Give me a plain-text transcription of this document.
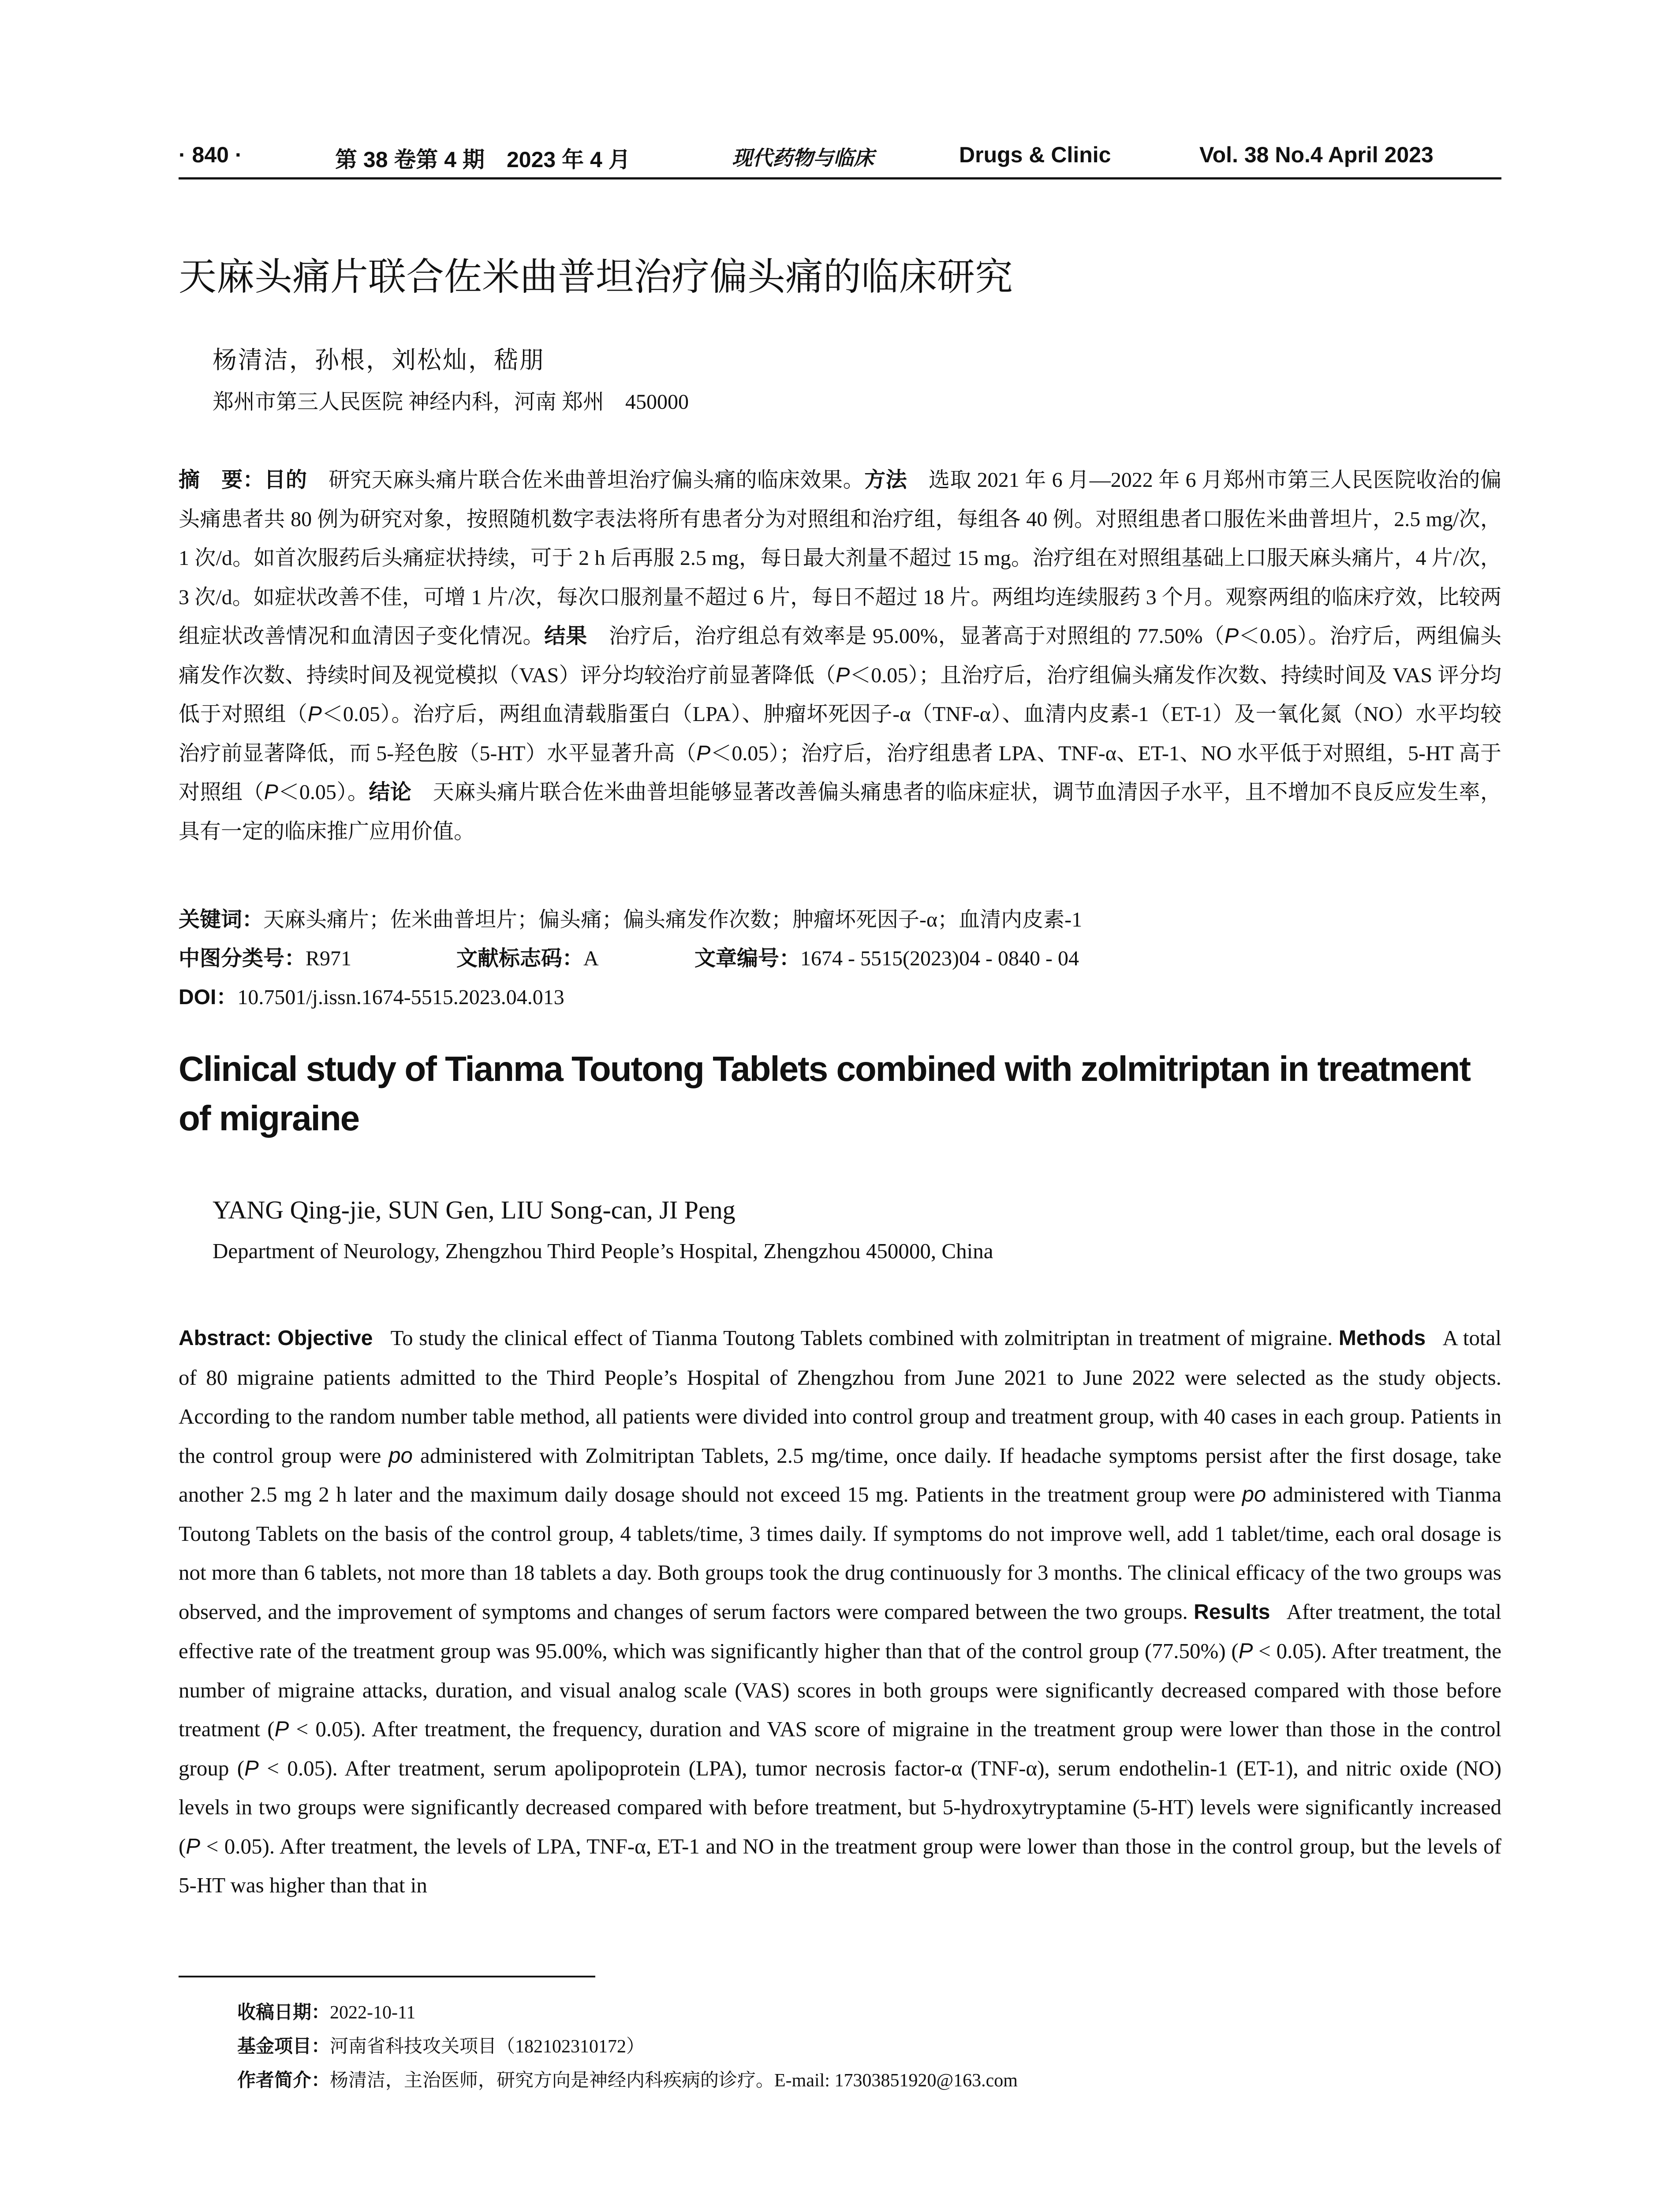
· 840 ·	第 38 卷第 4 期　2023 年 4 月	现代药物与临床	Drugs & Clinic	Vol. 38 No.4 April 2023
天麻头痛片联合佐米曲普坦治疗偏头痛的临床研究
杨清洁，孙根，刘松灿，嵇朋
郑州市第三人民医院 神经内科，河南 郑州　450000
摘　要：目的 研究天麻头痛片联合佐米曲普坦治疗偏头痛的临床效果。方法 选取 2021 年 6 月—2022 年 6 月郑州市第三人民医院收治的偏头痛患者共 80 例为研究对象，按照随机数字表法将所有患者分为对照组和治疗组，每组各 40 例。对照组患者口服佐米曲普坦片，2.5 mg/次，1 次/d。如首次服药后头痛症状持续，可于 2 h 后再服 2.5 mg，每日最大剂量不超过 15 mg。治疗组在对照组基础上口服天麻头痛片，4 片/次，3 次/d。如症状改善不佳，可增 1 片/次，每次口服剂量不超过 6 片，每日不超过 18 片。两组均连续服药 3 个月。观察两组的临床疗效，比较两组症状改善情况和血清因子变化情况。结果 治疗后，治疗组总有效率是 95.00%，显著高于对照组的 77.50%（P＜0.05）。治疗后，两组偏头痛发作次数、持续时间及视觉模拟（VAS）评分均较治疗前显著降低（P＜0.05）；且治疗后，治疗组偏头痛发作次数、持续时间及 VAS 评分均低于对照组（P＜0.05）。治疗后，两组血清载脂蛋白（LPA）、肿瘤坏死因子-α（TNF-α）、血清内皮素-1（ET-1）及一氧化氮（NO）水平均较治疗前显著降低，而 5-羟色胺（5-HT）水平显著升高（P＜0.05）；治疗后，治疗组患者 LPA、TNF-α、ET-1、NO 水平低于对照组，5-HT 高于对照组（P＜0.05）。结论 天麻头痛片联合佐米曲普坦能够显著改善偏头痛患者的临床症状，调节血清因子水平，且不增加不良反应发生率，具有一定的临床推广应用价值。
关键词：天麻头痛片；佐米曲普坦片；偏头痛；偏头痛发作次数；肿瘤坏死因子-α；血清内皮素-1
中图分类号：R971	文献标志码：A	文章编号：1674 - 5515(2023)04 - 0840 - 04
DOI：10.7501/j.issn.1674-5515.2023.04.013
Clinical study of Tianma Toutong Tablets combined with zolmitriptan in treatment of migraine
YANG Qing-jie, SUN Gen, LIU Song-can, JI Peng
Department of Neurology, Zhengzhou Third People’s Hospital, Zhengzhou 450000, China
Abstract: Objective To study the clinical effect of Tianma Toutong Tablets combined with zolmitriptan in treatment of migraine. Methods A total of 80 migraine patients admitted to the Third People’s Hospital of Zhengzhou from June 2021 to June 2022 were selected as the study objects. According to the random number table method, all patients were divided into control group and treatment group, with 40 cases in each group. Patients in the control group were po administered with Zolmitriptan Tablets, 2.5 mg/time, once daily. If headache symptoms persist after the first dosage, take another 2.5 mg 2 h later and the maximum daily dosage should not exceed 15 mg. Patients in the treatment group were po administered with Tianma Toutong Tablets on the basis of the control group, 4 tablets/time, 3 times daily. If symptoms do not improve well, add 1 tablet/time, each oral dosage is not more than 6 tablets, not more than 18 tablets a day. Both groups took the drug continuously for 3 months. The clinical efficacy of the two groups was observed, and the improvement of symptoms and changes of serum factors were compared between the two groups. Results After treatment, the total effective rate of the treatment group was 95.00%, which was significantly higher than that of the control group (77.50%) (P < 0.05). After treatment, the number of migraine attacks, duration, and visual analog scale (VAS) scores in both groups were significantly decreased compared with those before treatment (P < 0.05). After treatment, the frequency, duration and VAS score of migraine in the treatment group were lower than those in the control group (P < 0.05). After treatment, serum apolipoprotein (LPA), tumor necrosis factor-α (TNF-α), serum endothelin-1 (ET-1), and nitric oxide (NO) levels in two groups were significantly decreased compared with before treatment, but 5-hydroxytryptamine (5-HT) levels were significantly increased (P < 0.05). After treatment, the levels of LPA, TNF-α, ET-1 and NO in the treatment group were lower than those in the control group, but the levels of 5-HT was higher than that in
收稿日期：2022-10-11
基金项目：河南省科技攻关项目（182102310172）
作者简介：杨清洁，主治医师，研究方向是神经内科疾病的诊疗。E-mail: 17303851920@163.com
